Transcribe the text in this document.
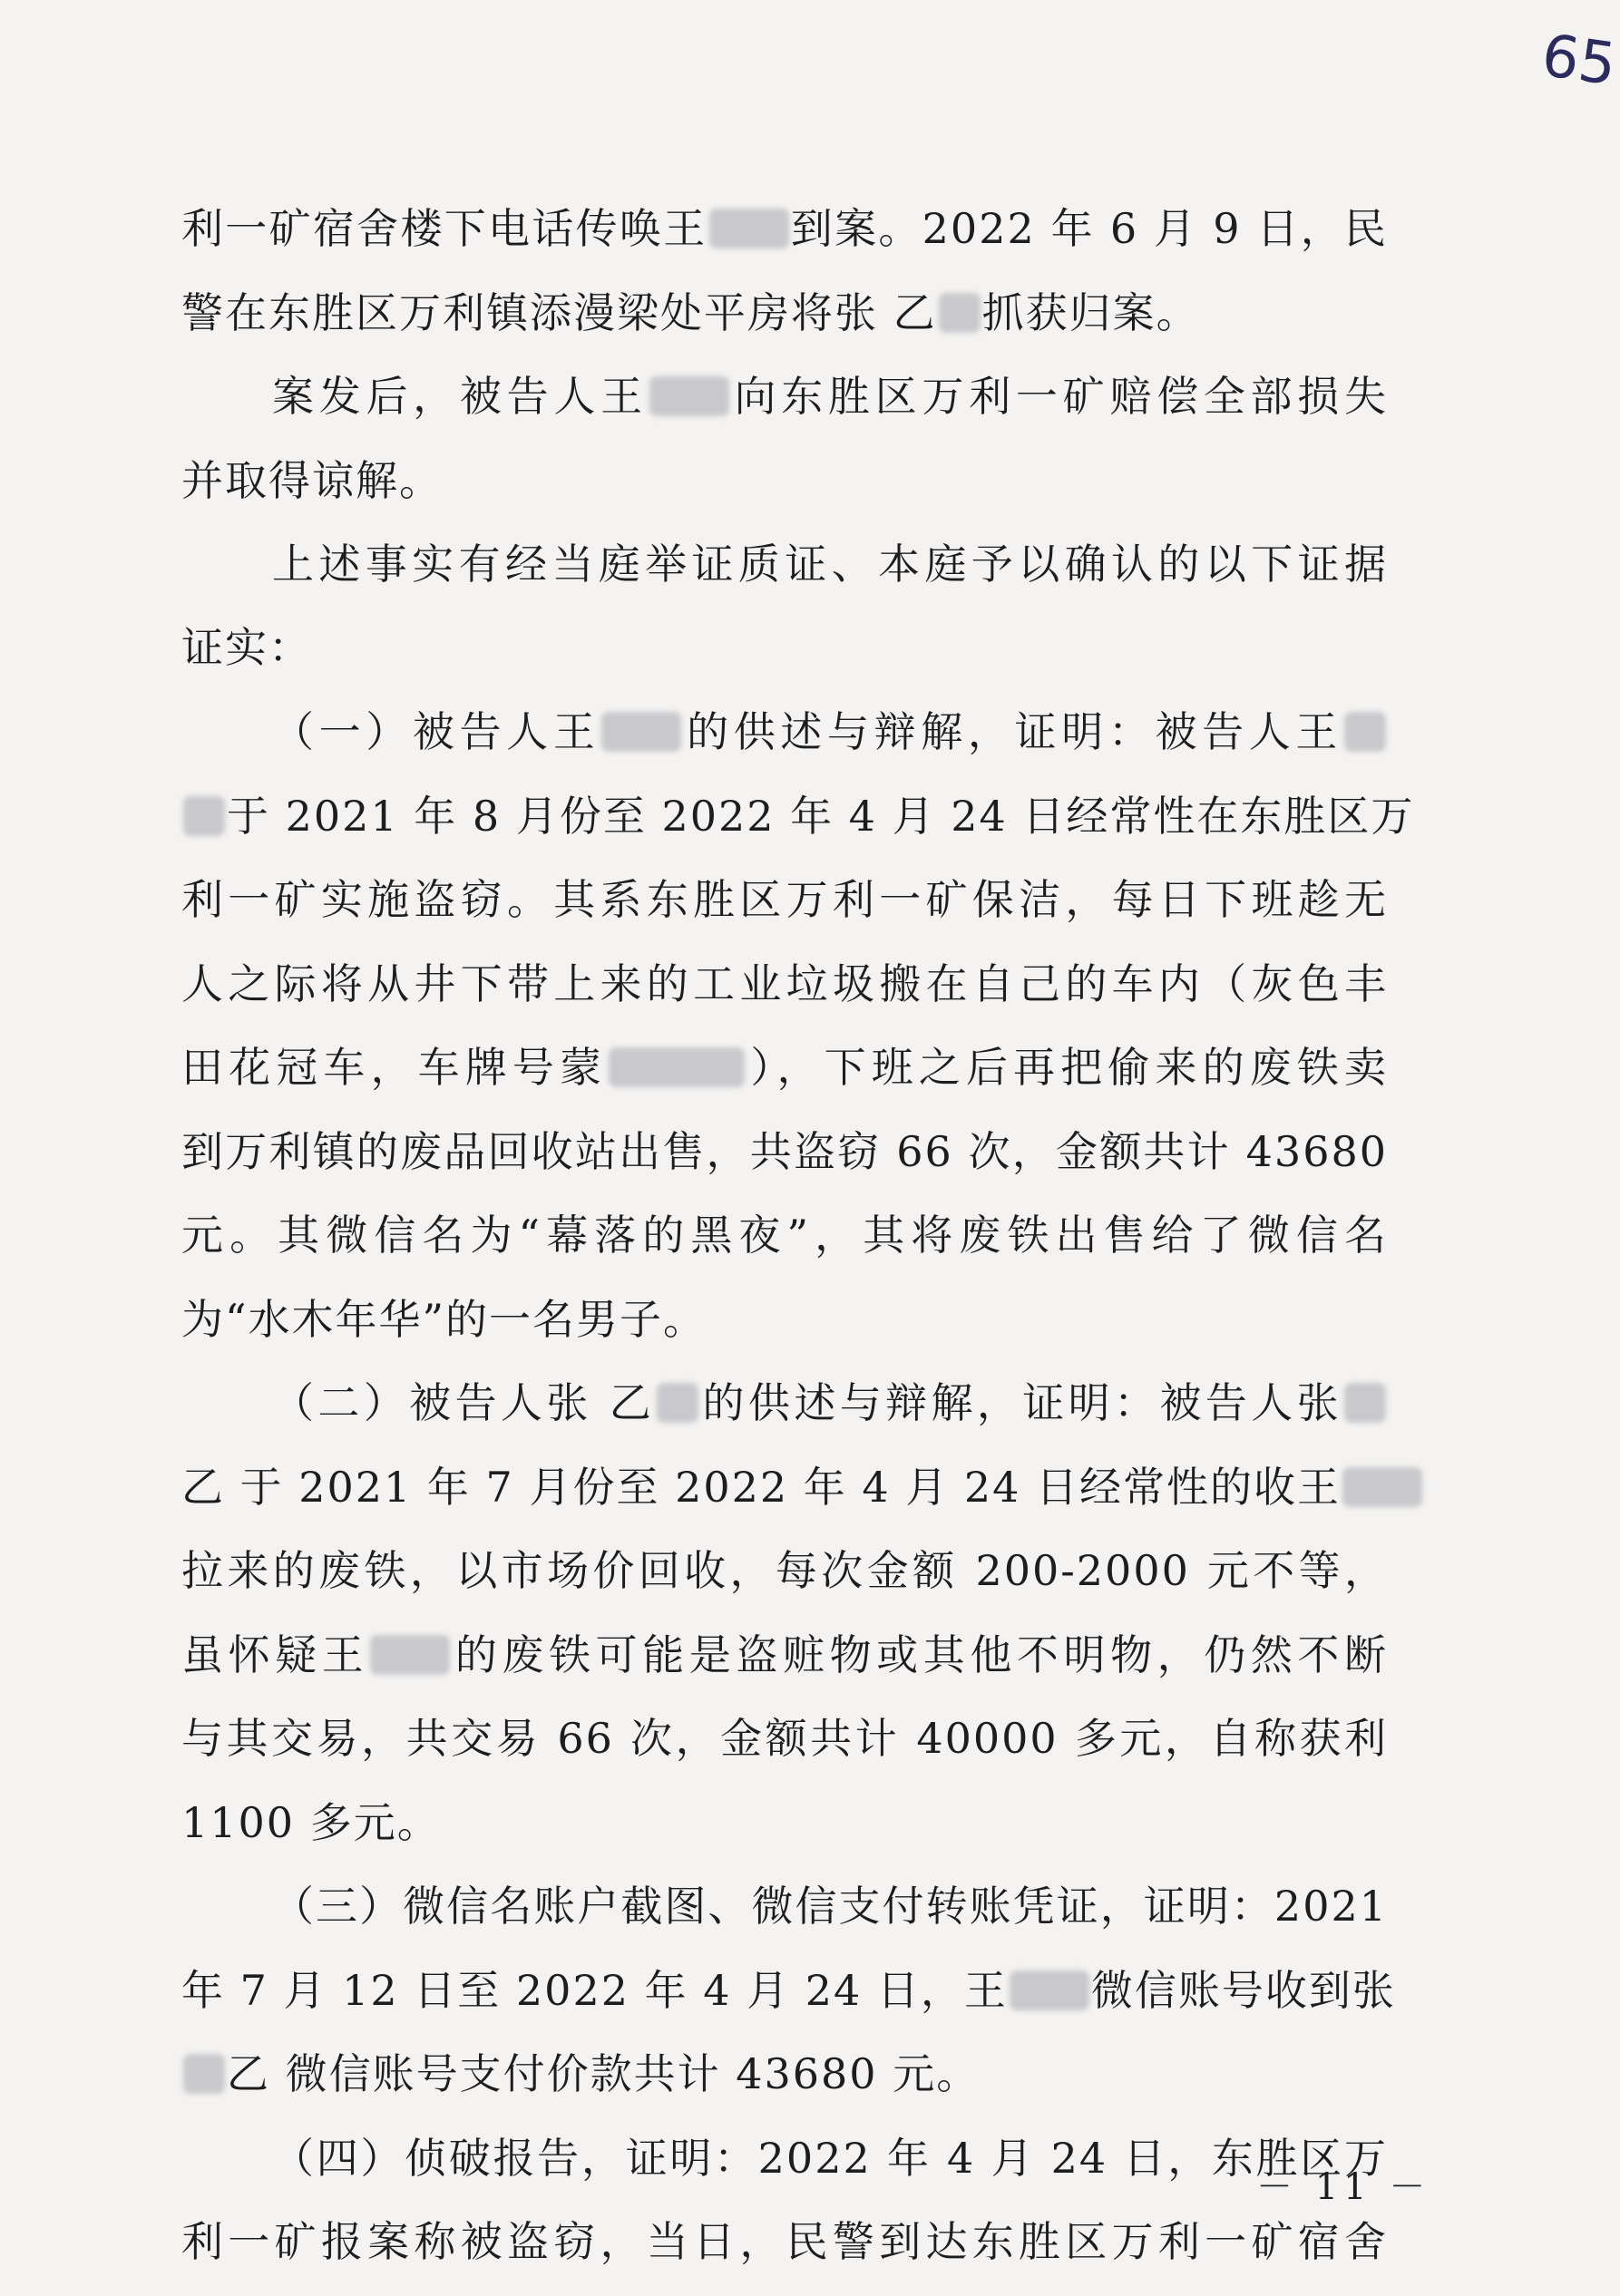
65
利一矿宿舍楼下电话传唤王 到案。2022 年 6 月 9 日，民
警在东胜区万利镇添漫梁处平房将张 乙 抓获归案。
案发后，被告人王 向东胜区万利一矿赔偿全部损失
并取得谅解。
上述事实有经当庭举证质证、本庭予以确认的以下证据
证实：
（一）被告人王 的供述与辩解，证明：被告人王
于 2021 年 8 月份至 2022 年 4 月 24 日经常性在东胜区万
利一矿实施盗窃。其系东胜区万利一矿保洁，每日下班趁无
人之际将从井下带上来的工业垃圾搬在自己的车内（灰色丰
田花冠车，车牌号蒙	），下班之后再把偷来的废铁卖
到万利镇的废品回收站出售，共盗窃 66 次，金额共计 43680
元。其微信名为“幕落的黑夜”，其将废铁出售给了微信名
为“水木年华”的一名男子。
（二）被告人张 乙 的供述与辩解，证明：被告人张
乙 于 2021 年 7 月份至 2022 年 4 月 24 日经常性的收王
拉来的废铁，以市场价回收，每次金额 200-2000 元不等，
虽怀疑王 的废铁可能是盗赃物或其他不明物，仍然不断
与其交易，共交易 66 次，金额共计 40000 多元，自称获利
1100 多元。
（三）微信名账户截图、微信支付转账凭证，证明：2021
年 7 月 12 日至 2022 年 4 月 24 日，王 微信账号收到张
乙 微信账号支付价款共计 43680 元。
（四）侦破报告，证明：2022 年 4 月 24 日，东胜区万
利一矿报案称被盗窃，当日，民警到达东胜区万利一矿宿舍
－ 11 －
